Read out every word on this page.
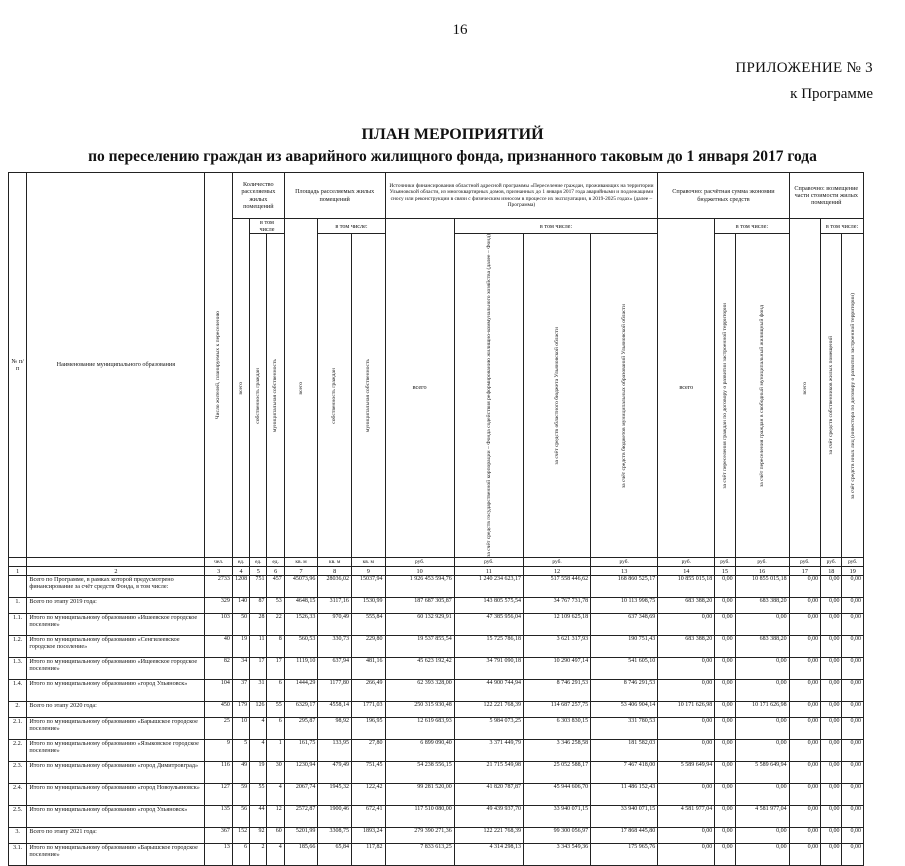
16
ПРИЛОЖЕНИЕ № 3
к Программе
ПЛАН МЕРОПРИЯТИЙ
по переселению граждан из аварийного жилищного фонда, признанного таковым до 1 января 2017 года
№ п/п	Наименование муниципального образования	Число жителей, планируемых к переселению	Количество расселяемых жилых помещений			Площадь расселяемых жилых помещений			Источники финансирования областной адресной программы «Переселение граждан, проживающих на территории Ульяновской области, из многоквартирных домов, признанных до 1 января 2017 года аварийными и подлежащими сносу или реконструкции в связи с физическим износом в процессе их эксплуатации, в 2019-2025 годах» (далее – Программа)				Справочно: расчётная сумма экономии бюджетных средств			Справочно: возмещение части стоимости жилых помещений		

			всего	в том числе		всего	в том числе:		всего	в том числе:			всего	в том числе:		всего	в том числе:	

				собственность граждан	муниципальная собственность		собственность граждан	муниципальная собственность		за счёт средств государственной корпорации – Фонда содействия реформированию жилищно-коммунального хозяйства (далее – Фонд)	за счёт средств областного бюджета Ульяновской области	за счёт средств бюджетов муниципальных образований Ульяновской области		за счёт переселения граждан по договору о развитии застроенной территории	за счёт переселения граждан в свободный муниципальный жилищный фонд		за счёт средств собственников жилых помещений	за счёт средств иных лиц (инвестора по договору о развитии застроенной территории)

		чел.	ед.	ед.	ед.	кв. м	кв. м	кв. м	руб.	руб.	руб.	руб.	руб.	руб.	руб.	руб.	руб.	руб.
1	2	3	4	5	6	7	8	9	10	11	12	13	14	15	16	17	18	19
	Всего по Программе, в рамках которой предусмотрено финансирование за счёт средств Фонда, в том числе:	2733	1208	751	457	45073,96	28036,02	15037,94	1 926 453 594,76	1 240 234 623,17	517 558 446,62	168 860 525,17	10 855 015,18	0,00	10 855 015,18	0,00	0,00	0,00
1.	Всего по этапу 2019 года:	329	140	87	53	4648,15	3117,16	1530,99	187 687 305,87	143 805 575,54	34 767 731,78	10 113 998,75	683 388,20	0,00	683 388,20	0,00	0,00	0,00
1.1.	Итого по муниципальному образованию «Ишеевское городское поселение»	103	50	28	22	1526,33	970,49	555,84	60 132 929,91	47 385 956,04	12 109 625,18	637 348,69	0,00	0,00	0,00	0,00	0,00	0,00
1.2.	Итого по муниципальному образованию «Сенгилеевское городское поселение»	40	19	11	8	560,53	330,73	229,80	19 537 855,54	15 725 786,18	3 621 317,93	190 751,43	683 388,20	0,00	683 388,20	0,00	0,00	0,00
1.3.	Итого по муниципальному образованию «Ищеевское городское поселение»	82	34	17	17	1119,10	637,94	481,16	45 623 192,42	34 791 090,18	10 290 497,14	541 605,10	0,00	0,00	0,00	0,00	0,00	0,00
1.4.	Итого по муниципальному образованию «город Ульяновск»	104	37	31	6	1444,29	1177,80	266,49	62 393 328,00	44 900 744,94	8 746 291,53	8 746 291,53	0,00	0,00	0,00	0,00	0,00	0,00
2.	Всего по этапу 2020 года:	450	179	126	55	6329,17	4558,14	1771,03	250 315 930,48	122 221 768,39	114 687 257,75	53 406 904,14	10 171 626,98	0,00	10 171 626,98	0,00	0,00	0,00
2.1.	Итого по муниципальному образованию «Барышское городское поселение»	25	10	4	6	295,87	98,92	196,95	12 619 683,93	5 984 073,25	6 303 830,15	331 780,53	0,00	0,00	0,00	0,00	0,00	0,00
2.2.	Итого по муниципальному образованию «Языковское городское поселение»	9	5	4	1	161,75	133,95	27,80	6 899 090,40	3 371 449,79	3 346 258,58	181 582,03	0,00	0,00	0,00	0,00	0,00	0,00
2.3.	Итого по муниципальному образованию «город Димитровград»	116	49	19	30	1230,94	479,49	751,45	54 238 556,15	21 715 549,98	25 052 588,17	7 467 418,00	5 589 649,94	0,00	5 589 649,94	0,00	0,00	0,00
2.4.	Итого по муниципальному образованию «город Новоульяновск»	127	59	55	4	2067,74	1945,32	122,42	99 281 520,00	41 820 787,87	45 944 606,70	11 486 152,43	0,00	0,00	0,00	0,00	0,00	0,00
2.5.	Итого по муниципальному образованию «город Ульяновск»	135	56	44	12	2572,87	1900,46	672,41	117 510 080,00	49 439 937,70	33 940 071,15	33 940 071,15	4 581 977,04	0,00	4 581 977,04	0,00	0,00	0,00
3.	Всего по этапу 2021 года:	367	152	92	60	5201,99	3308,75	1893,24	279 390 271,36	122 221 768,39	99 300 056,97	17 868 445,80	0,00	0,00	0,00	0,00	0,00	0,00
3.1.	Итого по муниципальному образованию «Барышское городское поселение»	13	6	2	4	185,66	65,84	117,82	7 833 613,25	4 314 298,13	3 343 549,36	175 965,76	0,00	0,00	0,00	0,00	0,00	0,00
